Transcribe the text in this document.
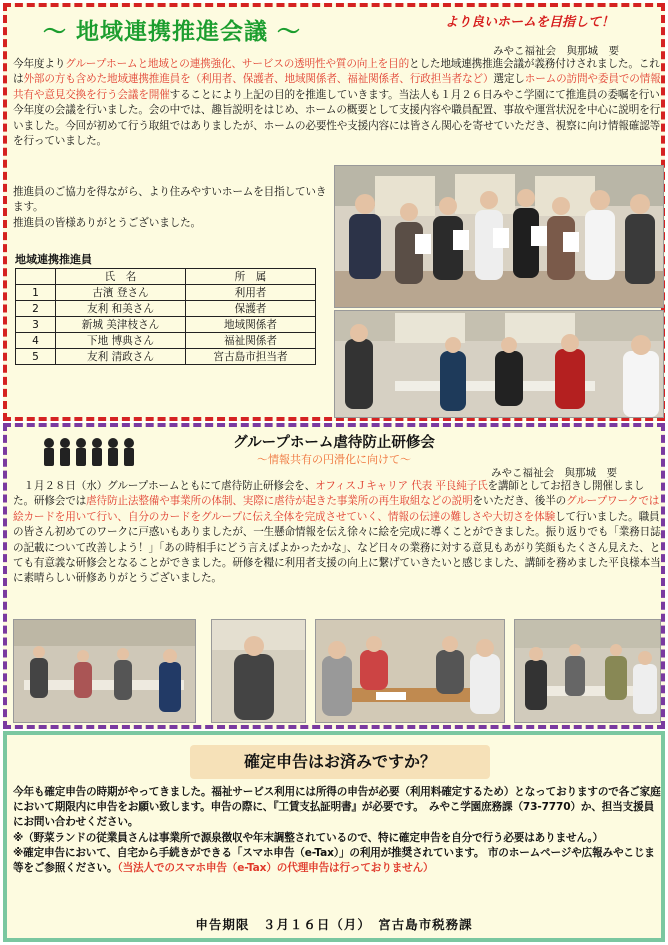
～ 地域連携推進会議 ～	より良いホームを目指して！
みやこ福祉会　與那城　要
今年度よりグループホームと地域との連携強化、サービスの透明性や質の向上を目的とした地域連携推進会議が義務付けされました。これは外部の方も含めた地域連携推進員を（利用者、保護者、地域関係者、福祉関係者、行政担当者など）選定しホームの訪問や委員での情報共有や意見交換を行う会議を開催することにより上記の目的を推進していきます。当法人も１月２６日みやこ学園にて推進員の委嘱を行い今年度の会議を行いました。会の中では、趣旨説明をはじめ、ホームの概要として支援内容や職員配置、事故や運営状況を中心に説明を行いました。今回が初めて行う取組ではありましたが、ホームの必要性や支援内容には皆さん関心を寄せていただき、視察に向け情報確認等を行っていました。
推進員のご協力を得ながら、より住みやすいホームを目指していきます。
推進員の皆様ありがとうございました。
地域連携推進員
	氏　名	所　属
1	古濱 登さん	利用者
2	友利 和美さん	保護者
3	新城 美津枝さん	地域関係者
4	下地 博典さん	福祉関係者
5	友利 清政さん	宮古島市担当者
グループホーム虐待防止研修会
～情報共有の円滑化に向けて～
みやこ福祉会　與那城　要
１月２８日（水）グループホームともにて虐待防止研修会を、オフィスＪキャリア 代表 平良純子氏を講師としてお招きし開催しました。研修会では虐待防止法整備や事業所の体制、実際に虐待が起きた事業所の再生取組などの説明をいただき、後半のグループワークでは絵カードを用いて行い、自分のカードをグループに伝え全体を完成させていく、情報の伝達の難しさや大切さを体験して行いました。職員の皆さん初めてのワークに戸惑いもありましたが、一生懸命情報を伝え徐々に絵を完成に導くことができました。振り返りでも「業務日誌の記載について改善しよう！」「あの時相手にどう言えばよかったかな」、など日々の業務に対する意見もあがり笑顔もたくさん見えた、とても有意義な研修会となることができました。研修を糧に利用者支援の向上に繋げていきたいと感じました、講師を務めました平良様本当に素晴らしい研修ありがとうございました。
確定申告はお済みですか？
今年も確定申告の時期がやってきました。福祉サービス利用には所得の申告が必要（利用料確定するため）となっておりますので各ご家庭において期限内に申告をお願い致します。申告の際に、『工賃支払証明書』が必要です。　みやこ学園庶務課（73-7770）か、担当支援員にお問い合わせください。
※（野菜ランドの従業員さんは事業所で源泉徴収や年末調整されているので、特に確定申告を自分で行う必要はありません。）
※確定申告において、自宅から手続きができる「スマホ申告（e-Tax）」の利用が推奨されています。 市のホームページや広報みやこじま等をご参照ください。（当法人でのスマホ申告（e-Tax）の代理申告は行っておりません）
申告期限　３月１６日（月）　宮古島市税務課
